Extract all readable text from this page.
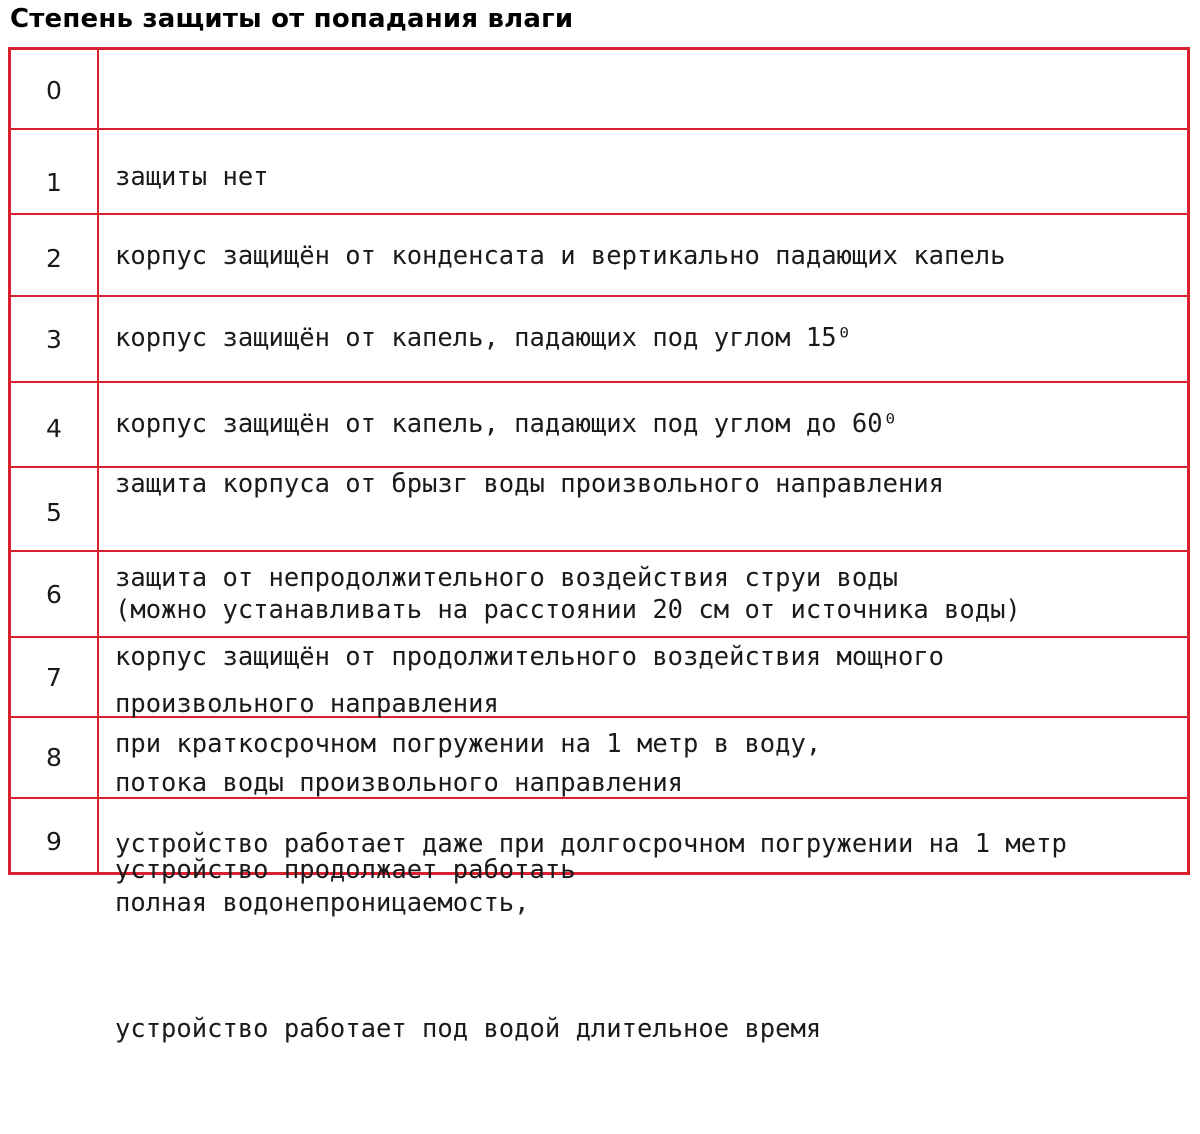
Степень защиты от попадания влаги
0

защиты нет

1

корпус защищён от конденсата и вертикально падающих капель

2

корпус защищён от капель, падающих под углом 15⁰

3

корпус защищён от капель, падающих под углом до 60⁰

4

защита корпуса от брызг воды произвольного направления

(можно устанавливать на расстоянии 20 см от источника воды)

5

защита от непродолжительного воздействия струи воды

произвольного направления

6

корпус защищён от продолжительного воздействия мощного

потока воды произвольного направления

7

при краткосрочном погружении на 1 метр в воду,

устройство продолжает работать

8

устройство работает даже при долгосрочном погружении на 1 метр

9

полная водонепроницаемость,

устройство работает под водой длительное время
